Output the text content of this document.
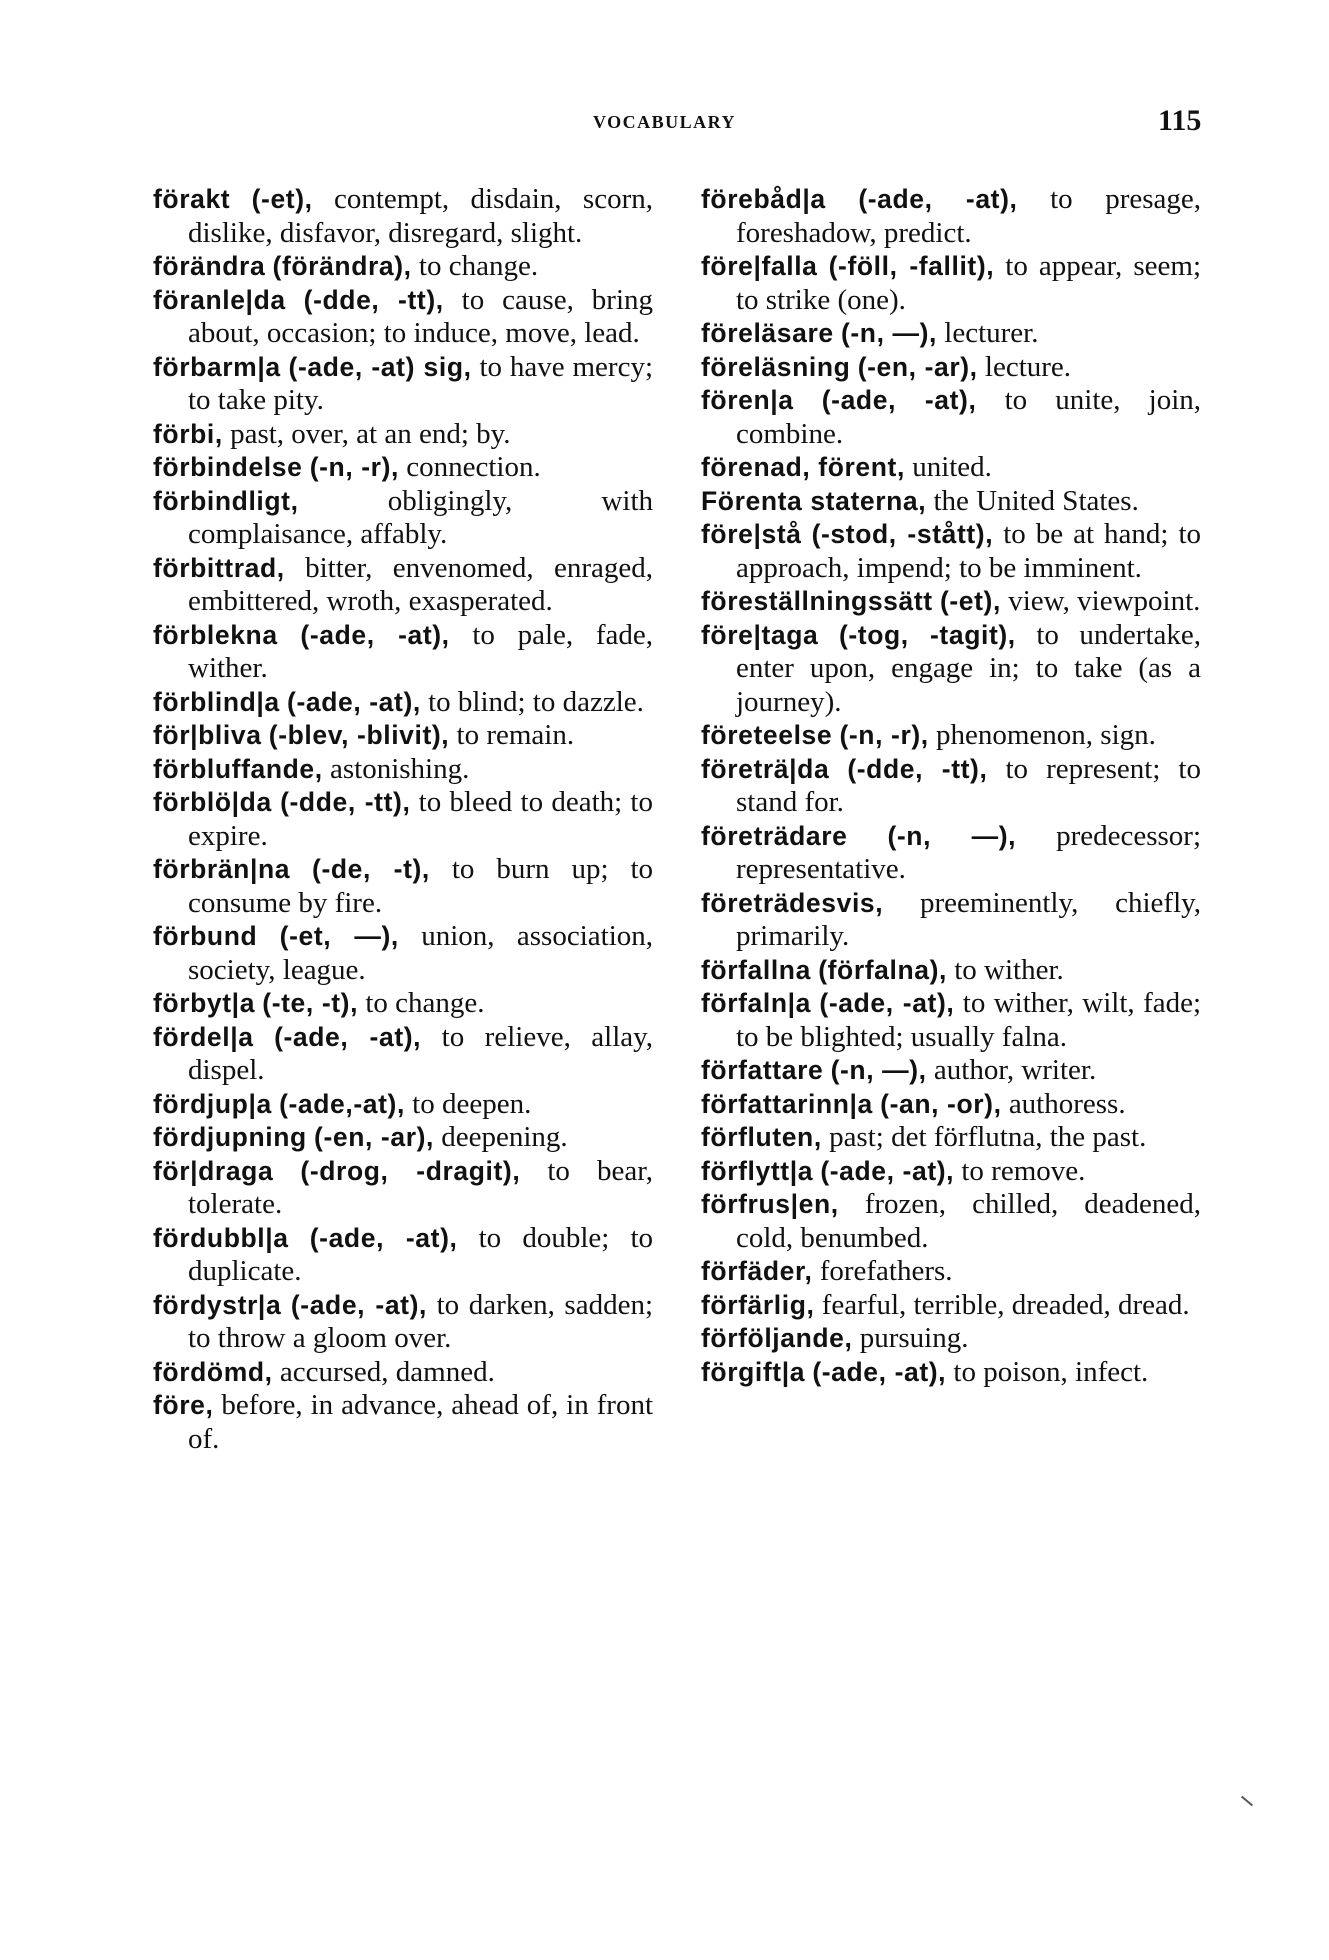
VOCABULARY	115

förakt (-et), contempt, disdain, scorn, dislike, disfavor, disregard, slight.

förändra (förändra), to change.

föranle|da (-dde, -tt), to cause, bring about, occasion; to induce, move, lead.

förbarm|a (-ade, -at) sig, to have mercy; to take pity.

förbi, past, over, at an end; by.

förbindelse (-n, -r), connection.

förbindligt,	obligingly, with complaisance, affably.

förbittrad, bitter, envenomed, enraged, embittered, wroth, exasperated.

förblekna (-ade, -at), to pale, fade, wither.

förblind|a (-ade, -at), to blind; to dazzle.

för|bliva (-blev, -blivit), to remain.

förbluffande, astonishing.

förblö|da (-dde, -tt), to bleed to death; to expire.

förbrän|na (-de, -t), to burn up; to consume by fire.

förbund (-et, —), union, association, society, league.

förbyt|a (-te, -t), to change.

fördel|a (-ade, -at), to relieve, allay, dispel.

fördjup|a (-ade,-at), to deepen.

fördjupning (-en, -ar), deepening.

för|draga (-drog, -dragit), to bear, tolerate.

fördubbl|a (-ade, -at), to double; to duplicate.

fördystr|a (-ade, -at), to darken, sadden; to throw a gloom over.

fördömd, accursed, damned.

före, before, in advance, ahead of, in front of.

förebåd|a (-ade, -at), to presage, foreshadow, predict.

före|falla (-föll, -fallit), to appear, seem; to strike (one).

föreläsare (-n, —), lecturer.

föreläsning (-en, -ar), lecture.

fören|a (-ade, -at), to unite, join, combine.

förenad, förent, united.

Förenta staterna, the United States.

före|stå (-stod, -stått), to be at hand; to approach, impend; to be imminent.

föreställningssätt (-et), view, viewpoint.

före|taga (-tog, -tagit), to undertake, enter upon, engage in; to take (as a journey).

företeelse (-n, -r), phenomenon, sign.

företrä|da (-dde, -tt), to represent; to stand for.

företrädare (-n, —), predecessor; representative.

företrädesvis, preeminently, chiefly, primarily.

förfallna (förfalna), to wither.

förfaln|a (-ade, -at), to wither, wilt, fade; to be blighted; usually falna.

författare (-n, —), author, writer.

författarinn|a (-an, -or), authoress.

förfluten, past; det förflutna, the past.

förflytt|a (-ade, -at), to remove.

förfrus|en, frozen, chilled, deadened, cold, benumbed.

förfäder, forefathers.

förfärlig, fearful, terrible, dreaded, dread.

förföljande, pursuing.

förgift|a (-ade, -at), to poison, infect.
